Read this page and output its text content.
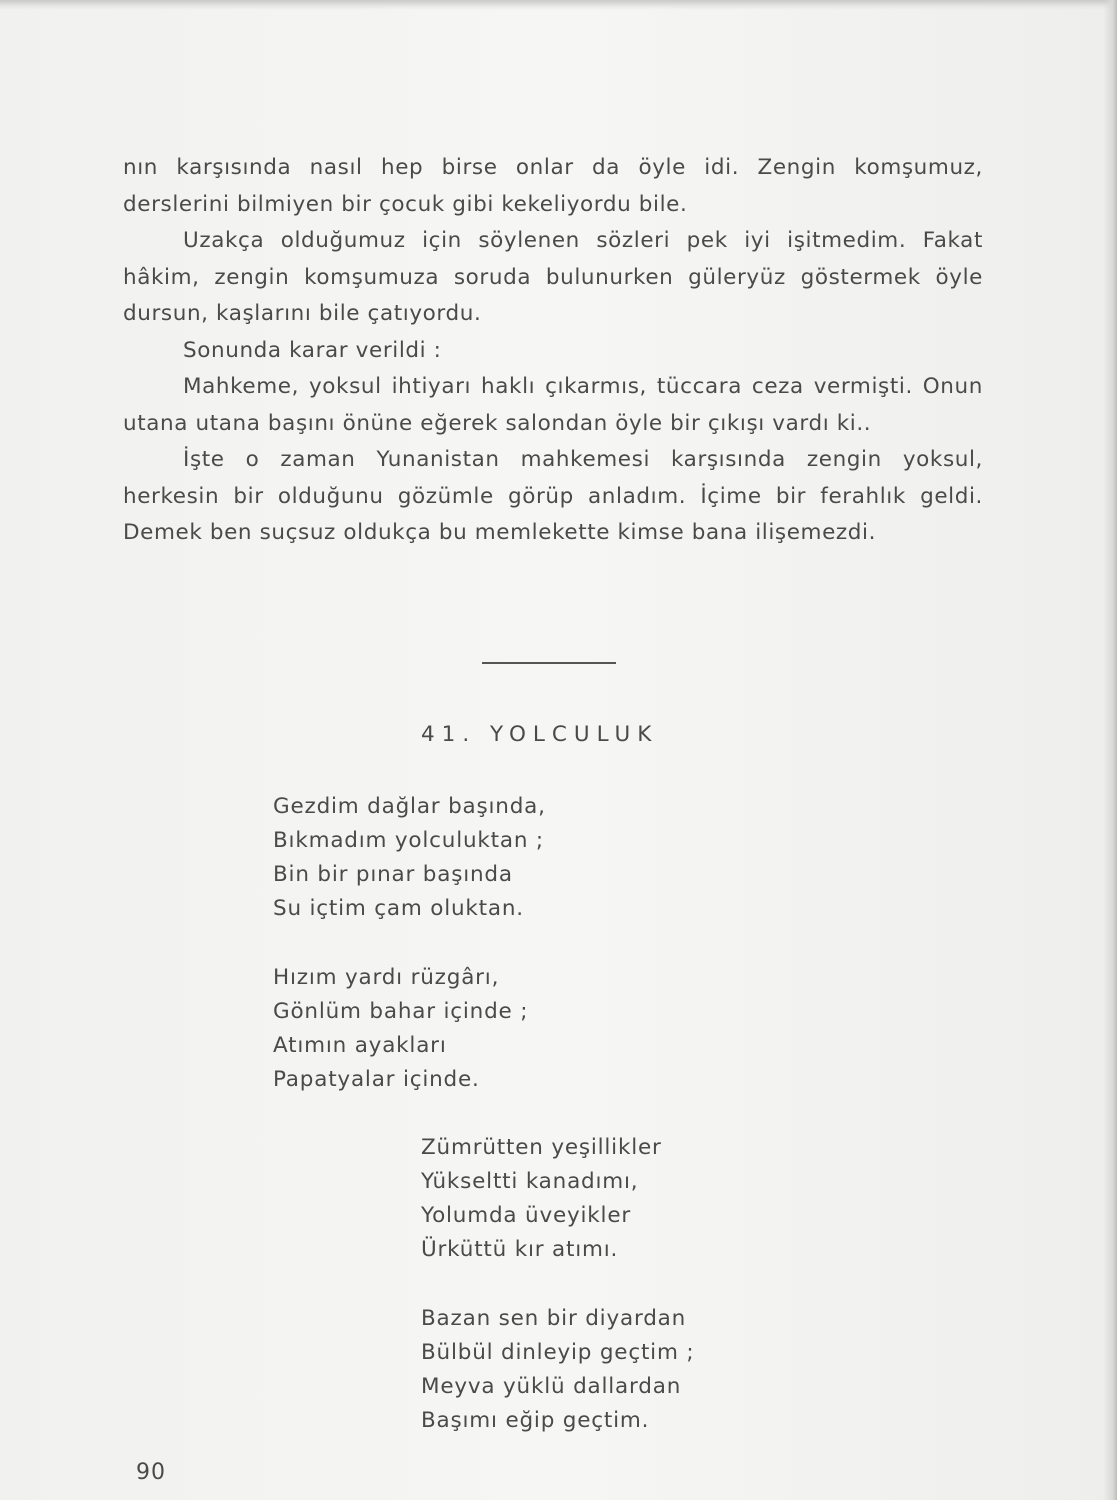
nın karşısında nasıl hep birse onlar da öyle idi. Zengin komşumuz, derslerini bilmiyen bir çocuk gibi kekeliyordu bile.

Uzakça olduğumuz için söylenen sözleri pek iyi işitmedim. Fakat hâkim, zengin komşumuza soruda bulunurken güleryüz göstermek öyle dursun, kaşlarını bile çatıyordu.

Sonunda karar verildi :

Mahkeme, yoksul ihtiyarı haklı çıkarmıs, tüccara ceza vermişti. Onun utana utana başını önüne eğerek salondan öyle bir çıkışı vardı ki..

İşte o zaman Yunanistan mahkemesi karşısında zengin yoksul, herkesin bir olduğunu gözümle görüp anladım. İçime bir ferahlık geldi. Demek ben suçsuz oldukça bu memlekette kimse bana ilişemezdi.

41. YOLCULUK
Gezdim dağlar başında,
Bıkmadım yolculuktan ;
Bin bir pınar başında
Su içtim çam oluktan.
Hızım yardı rüzgârı,
Gönlüm bahar içinde ;
Atımın ayakları
Papatyalar içinde.
Zümrütten yeşillikler
Yükseltti kanadımı,
Yolumda üveyikler
Ürküttü kır atımı.
Bazan sen bir diyardan
Bülbül dinleyip geçtim ;
Meyva yüklü dallardan
Başımı eğip geçtim.
90
